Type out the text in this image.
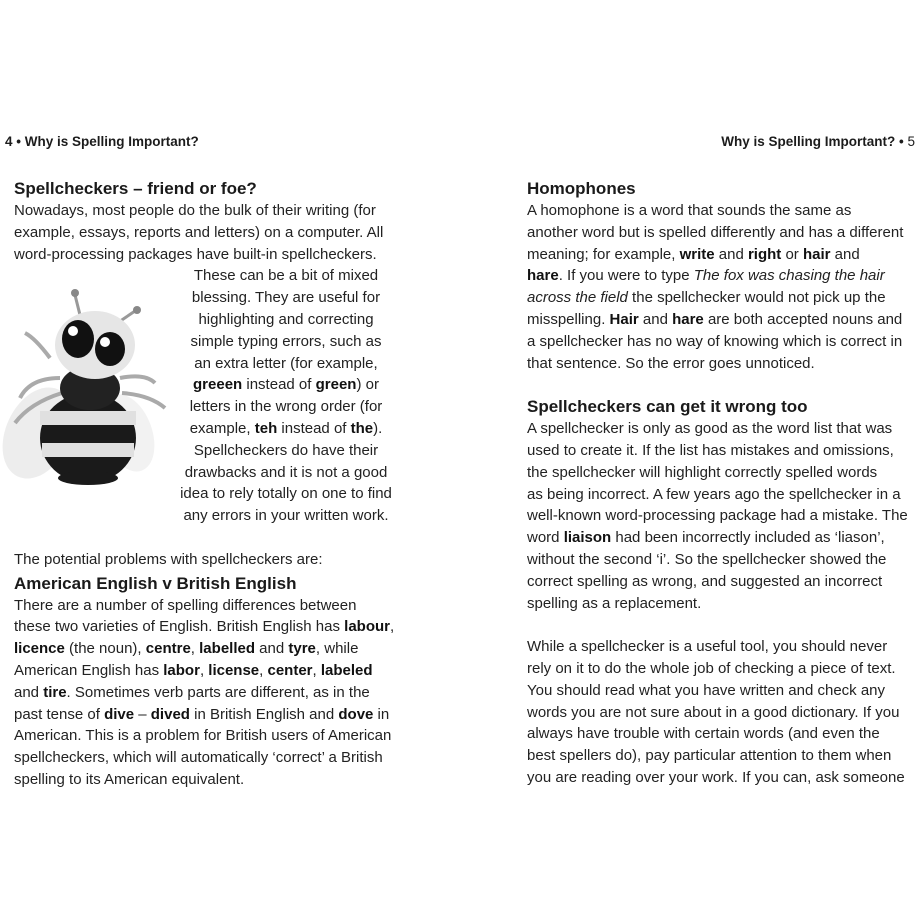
4 • Why is Spelling Important?	Why is Spelling Important? • 5
Spellcheckers – friend or foe?

Nowadays, most people do the bulk of their writing (for
example, essays, reports and letters) on a computer. All
word-processing packages have built-in spellcheckers.

These can be a bit of mixed
blessing. They are useful for
highlighting and correcting
simple typing errors, such as
an extra letter (for example,
greeen instead of green) or
letters in the wrong order (for
example, teh instead of the).
Spellcheckers do have their
drawbacks and it is not a good
idea to rely totally on one to find
any errors in your written work.

The potential problems with spellcheckers are:

American English v British English

There are a number of spelling differences between
these two varieties of English. British English has labour,
licence (the noun), centre, labelled and tyre, while
American English has labor, license, center, labeled
and tire. Sometimes verb parts are different, as in the
past tense of dive – dived in British English and dove in
American. This is a problem for British users of American
spellcheckers, which will automatically ‘correct’ a British
spelling to its American equivalent.

Homophones

A homophone is a word that sounds the same as
another word but is spelled differently and has a different
meaning; for example, write and right or hair and
hare. If you were to type The fox was chasing the hair
across the field the spellchecker would not pick up the
misspelling. Hair and hare are both accepted nouns and
a spellchecker has no way of knowing which is correct in
that sentence. So the error goes unnoticed.

Spellcheckers can get it wrong too

A spellchecker is only as good as the word list that was
used to create it. If the list has mistakes and omissions,
the spellchecker will highlight correctly spelled words
as being incorrect. A few years ago the spellchecker in a
well-known word-processing package had a mistake. The
word liaison had been incorrectly included as ‘liason’,
without the second ‘i’. So the spellchecker showed the
correct spelling as wrong, and suggested an incorrect
spelling as a replacement.

While a spellchecker is a useful tool, you should never
rely on it to do the whole job of checking a piece of text.
You should read what you have written and check any
words you are not sure about in a good dictionary. If you
always have trouble with certain words (and even the
best spellers do), pay particular attention to them when
you are reading over your work. If you can, ask someone
